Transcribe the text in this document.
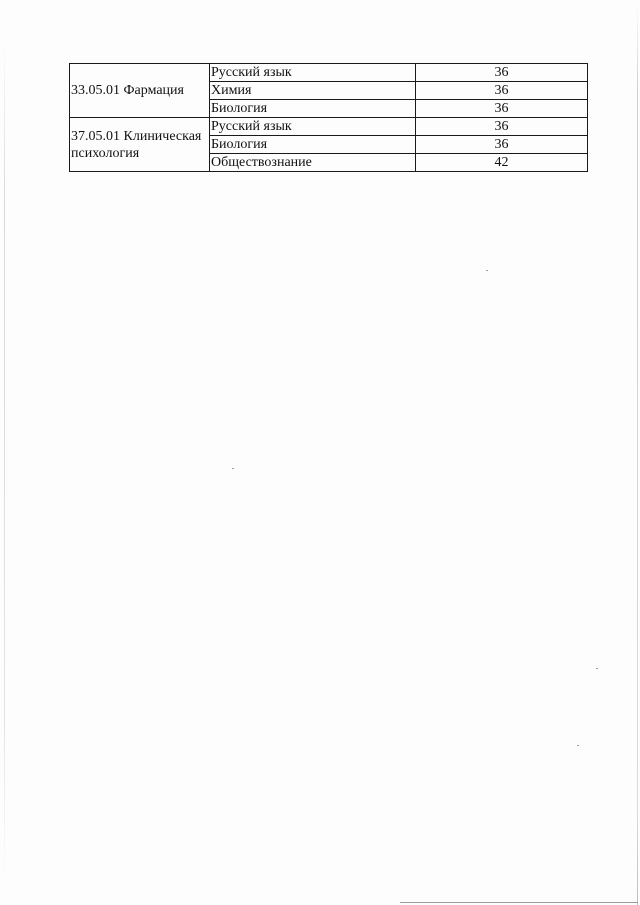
33.05.01 Фармация	Русский язык	36
	Химия	36
	Биология	36

37.05.01 Клиническая
психология	Русский язык	36
	Биология	36
	Обществознание	42
